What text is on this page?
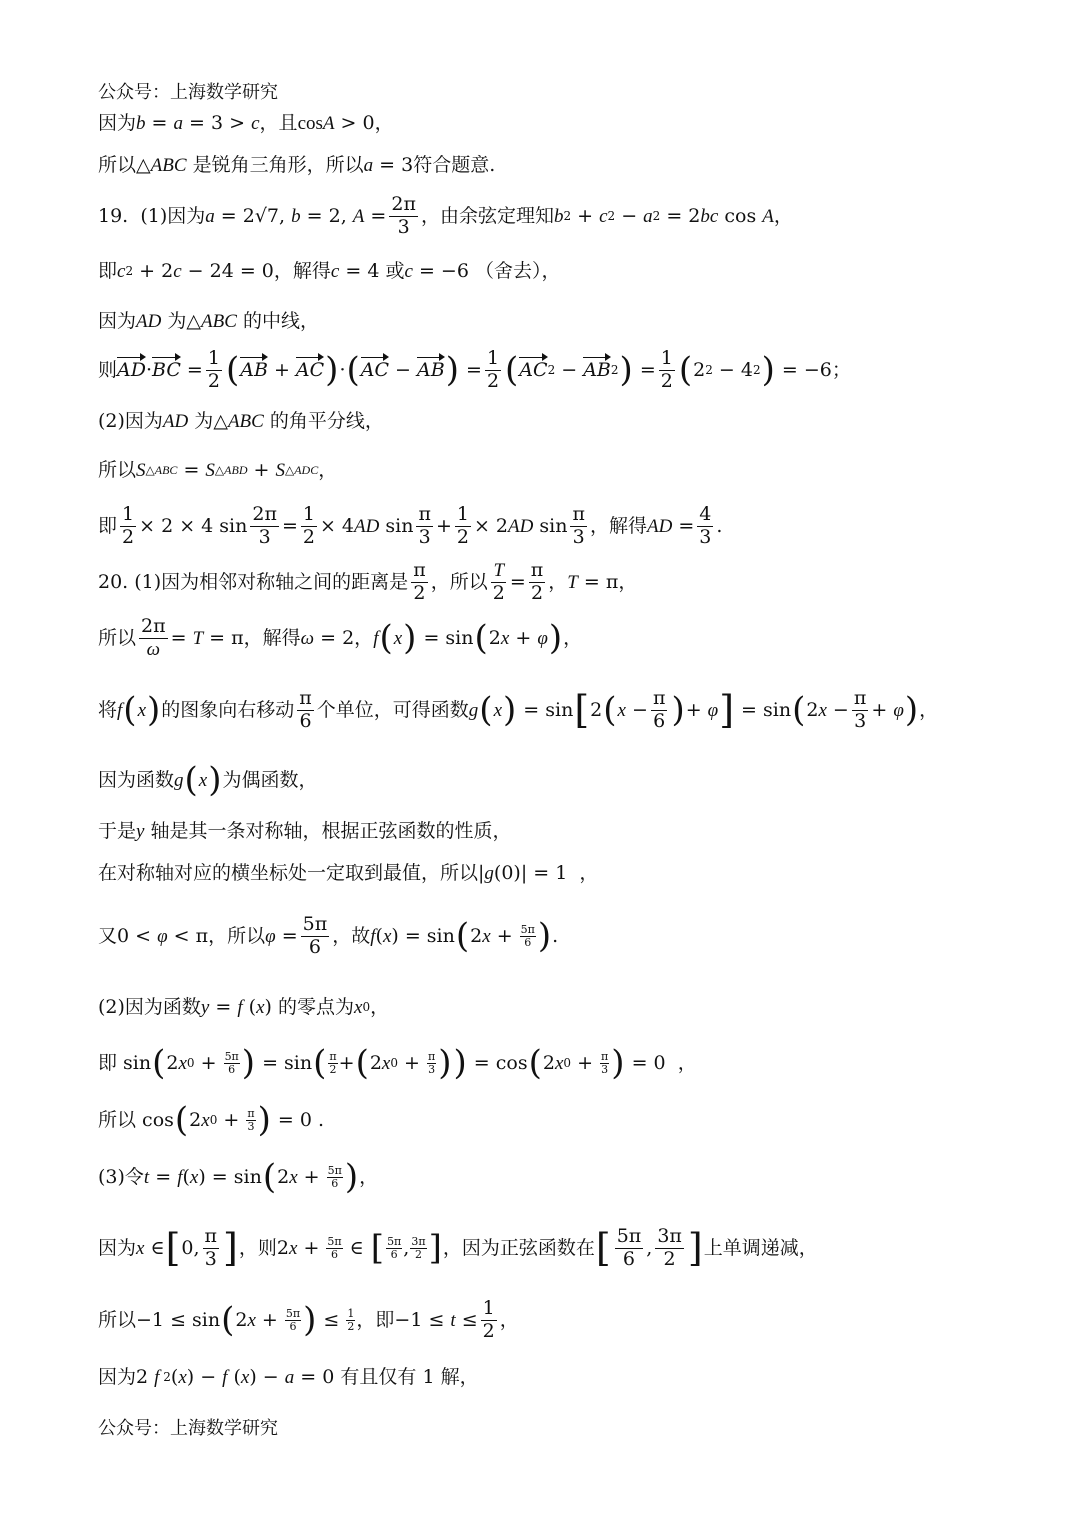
公众号：上海数学研究
因为 b = a = 3 > c ，且 cos A > 0，
所以 △ ABC
是锐角三角形，所以 a = 3 符合题意.
19.
(1)因为 a = 2√7, b = 2, $A = \frac{2\pi}{3}$ ，由余弦定理知 b 2 + c 2 − a 2 = 2 bc cos A ，
即 c 2 + 2 c − 24 = 0 ，解得 c = 4 或 c = −6 （舍去），
因为 AD
为 △ ABC
的中线，
则 AD · BC = $\frac{1}{2}$ ( AB + AC ) · ( AC − AB ) = $\frac{1}{2}$ ( AC 2 − AB 2 ) = $\frac{1}{2}$ ( 2 2 − 4 2 ) = −6；
(2)因为 AD
为 △ ABC
的角平分线，
所以 S △ABC = S △ABD + S △ADC ，
即 $\frac{1}{2} \times 2 \times 4$ $\sin \frac{2\pi}{3} = \frac{1}{2} \times 4$ AD $\sin \frac{\pi}{3} + \frac{1}{2} \times 2$ AD $\sin \frac{\pi}{3}$ ，解得 AD = $\frac{4}{3}$ .
20.
(1)因为相邻对称轴之间的距离是 $\frac{\pi}{2}$ ， 所以 $\frac{T}{2} = \frac{\pi}{2}$ ， T = π，
所以 $\frac{2\pi}{\omega} = T = \pi$ ，解得 ω = 2 ， f ( x ) = sin ( 2 x + φ ) ，
将 f ( x ) 的图象向右移动 $\frac{\pi}{6}$ 个单位，可得函数 g ( x ) = sin [ 2 ( $x - \frac{\pi}{6}$ ) + φ ] = sin ( 2 $x - \frac{\pi}{3} + \varphi$ ) ，
因为函数 g ( x ) 为偶函数，
于是 y
轴是其一条对称轴，根据正弦函数的性质，
在对称轴对应的横坐标处一定取到最值，所以 | g (0)| = 1  ，
又 0 < φ < π ， 所以 $\varphi = \frac{5\pi}{6}$ ，故 f ( x ) = sin ( 2 x + 5π
6 ) .
(2)因为函数 y = f ( x ) 的零点为 x 0 ，
即 sin ( 2 x 0 + 5π
6 ) = sin ( π
2 + ( 2 x 0 + π
3 ) ) = cos ( 2 x 0 + π
3 ) = 0  ，
所以 cos ( 2 x 0 + π
3 ) = 0 .
(3)令 t = f ( x ) = sin ( 2 x + 5π
6 ) ，
因为 x ∈ [ 0, $\frac{\pi}{3}$ ] ，则 2 x + 5π
6 ∈ [ 5π
6 , 3π
2 ] ，因为正弦函数在 [ $\frac{5\pi}{6}$ , $\frac{3\pi}{2}$ ] 上单调递减，
所以 −1 ≤ sin ( 2 x + 5π
6 ) ≤ 1
2 ，即 $-1 \le t \le \frac{1}{2}$ ，
因为 2 f 2 ( x ) − f ( x ) − a = 0 有且仅有 1 解，
公众号：上海数学研究
